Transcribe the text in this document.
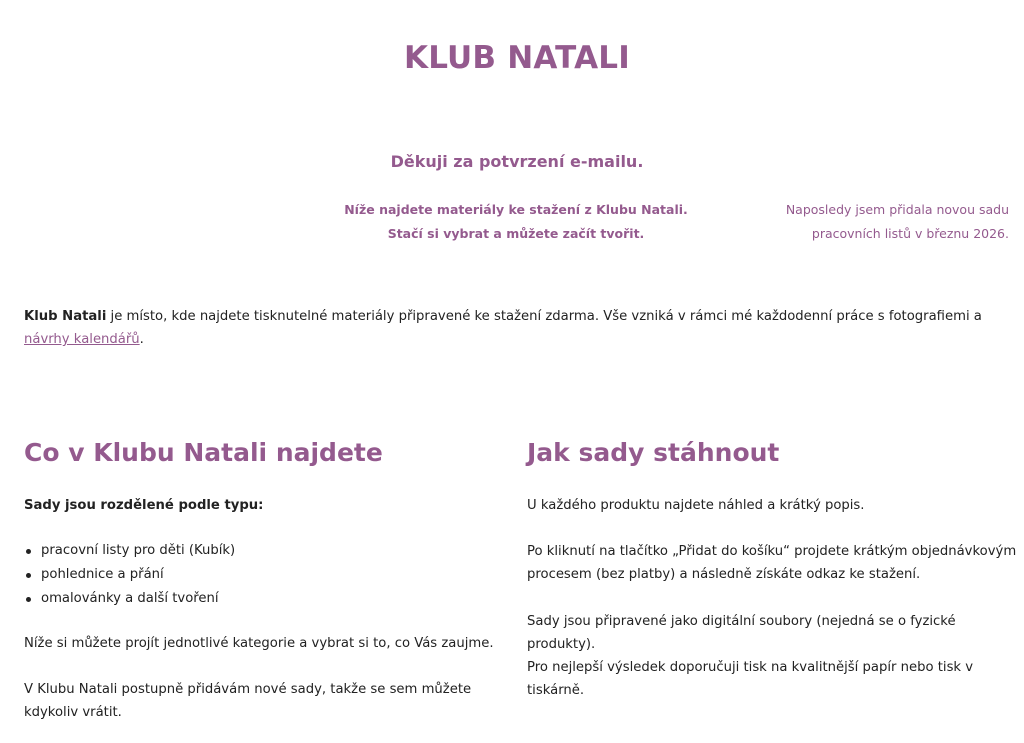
KLUB NATALI
Děkuji za potvrzení e-mailu.
Níže najdete materiály ke stažení z Klubu Natali.
Stačí si vybrat a můžete začít tvořit.
Naposledy jsem přidala novou sadu
pracovních listů v březnu 2026.

Klub Natali je místo, kde najdete tisknutelné materiály připravené ke stažení zdarma. Vše vzniká v rámci mé každodenní práce s fotografiemi a návrhy kalendářů.

Co v Klubu Natali najdete
Sady jsou rozdělené podle typu:
pracovní listy pro děti (Kubík)
pohlednice a přání
omalovánky a další tvoření
Níže si můžete projít jednotlivé kategorie a vybrat si to, co Vás zaujme.
V Klubu Natali postupně přidávám nové sady, takže se sem můžete kdykoliv vrátit.
Jak sady stáhnout
U každého produktu najdete náhled a krátký popis.
Po kliknutí na tlačítko „Přidat do košíku“ projdete krátkým objednávkovým procesem (bez platby) a následně získáte odkaz ke stažení.
Sady jsou připravené jako digitální soubory (nejedná se o fyzické produkty).
Pro nejlepší výsledek doporučuji tisk na kvalitnější papír nebo tisk v tiskárně.
